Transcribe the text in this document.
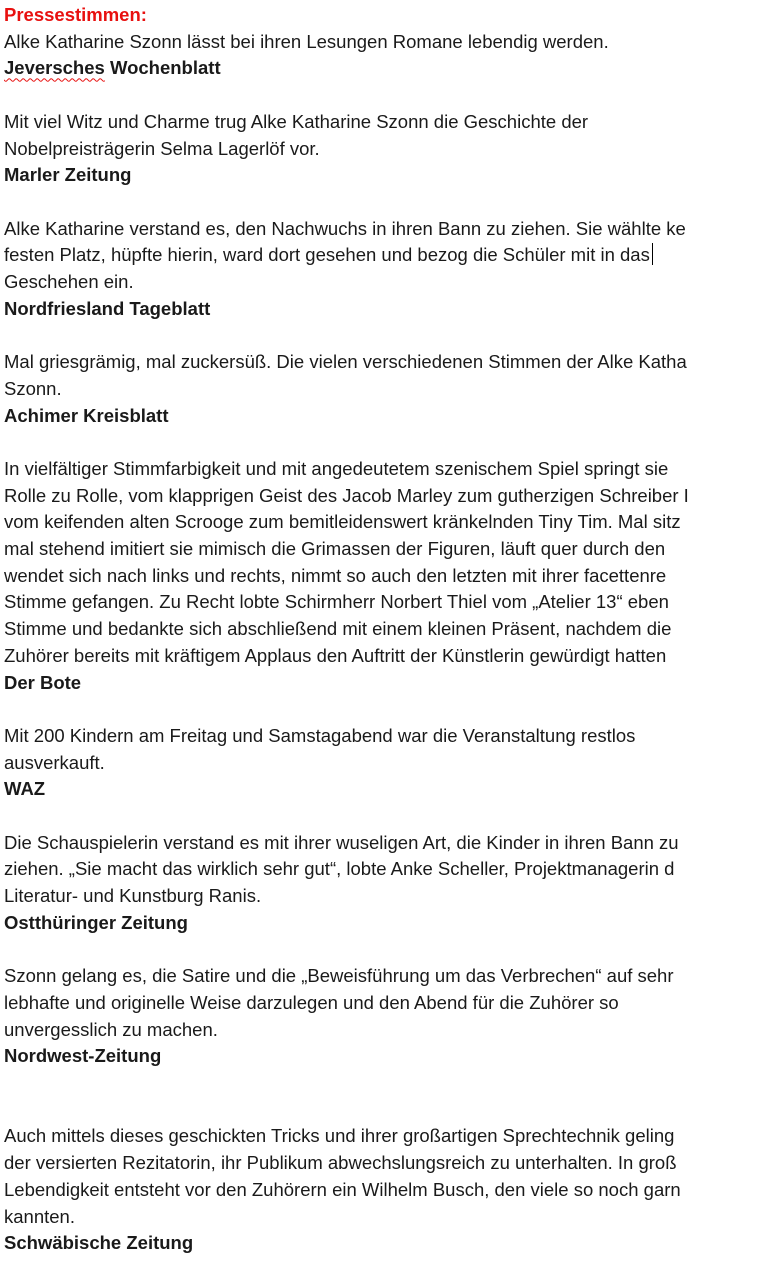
Pressestimmen:
Alke Katharine Szonn lässt bei ihren Lesungen Romane lebendig werden.
Jeversches Wochenblatt
Mit viel Witz und Charme trug Alke Katharine Szonn die Geschichte der
Nobelpreisträgerin Selma Lagerlöf vor.
Marler Zeitung
Alke Katharine verstand es, den Nachwuchs in ihren Bann zu ziehen. Sie wählte ke
festen Platz, hüpfte hierin, ward dort gesehen und bezog die Schüler mit in das
Geschehen ein.
Nordfriesland Tageblatt
Mal griesgrämig, mal zuckersüß. Die vielen verschiedenen Stimmen der Alke Katha
Szonn.
Achimer Kreisblatt
In vielfältiger Stimmfarbigkeit und mit angedeutetem szenischem Spiel springt sie
Rolle zu Rolle, vom klapprigen Geist des Jacob Marley zum gutherzigen Schreiber I
vom keifenden alten Scrooge zum bemitleidenswert kränkelnden Tiny Tim. Mal sitz
mal stehend imitiert sie mimisch die Grimassen der Figuren, läuft quer durch den
wendet sich nach links und rechts, nimmt so auch den letzten mit ihrer facettenre
Stimme gefangen. Zu Recht lobte Schirmherr Norbert Thiel vom „Atelier 13“ eben
Stimme und bedankte sich abschließend mit einem kleinen Präsent, nachdem die
Zuhörer bereits mit kräftigem Applaus den Auftritt der Künstlerin gewürdigt hatten
Der Bote
Mit 200 Kindern am Freitag und Samstagabend war die Veranstaltung restlos
ausverkauft.
WAZ
Die Schauspielerin verstand es mit ihrer wuseligen Art, die Kinder in ihren Bann zu
ziehen. „Sie macht das wirklich sehr gut“, lobte Anke Scheller, Projektmanagerin d
Literatur- und Kunstburg Ranis.
Ostthüringer Zeitung
Szonn gelang es, die Satire und die „Beweisführung um das Verbrechen“ auf sehr
lebhafte und originelle Weise darzulegen und den Abend für die Zuhörer so
unvergesslich zu machen.
Nordwest-Zeitung
Auch mittels dieses geschickten Tricks und ihrer großartigen Sprechtechnik geling
der versierten Rezitatorin, ihr Publikum abwechslungsreich zu unterhalten. In groß
Lebendigkeit entsteht vor den Zuhörern ein Wilhelm Busch, den viele so noch garn
kannten.
Schwäbische Zeitung
